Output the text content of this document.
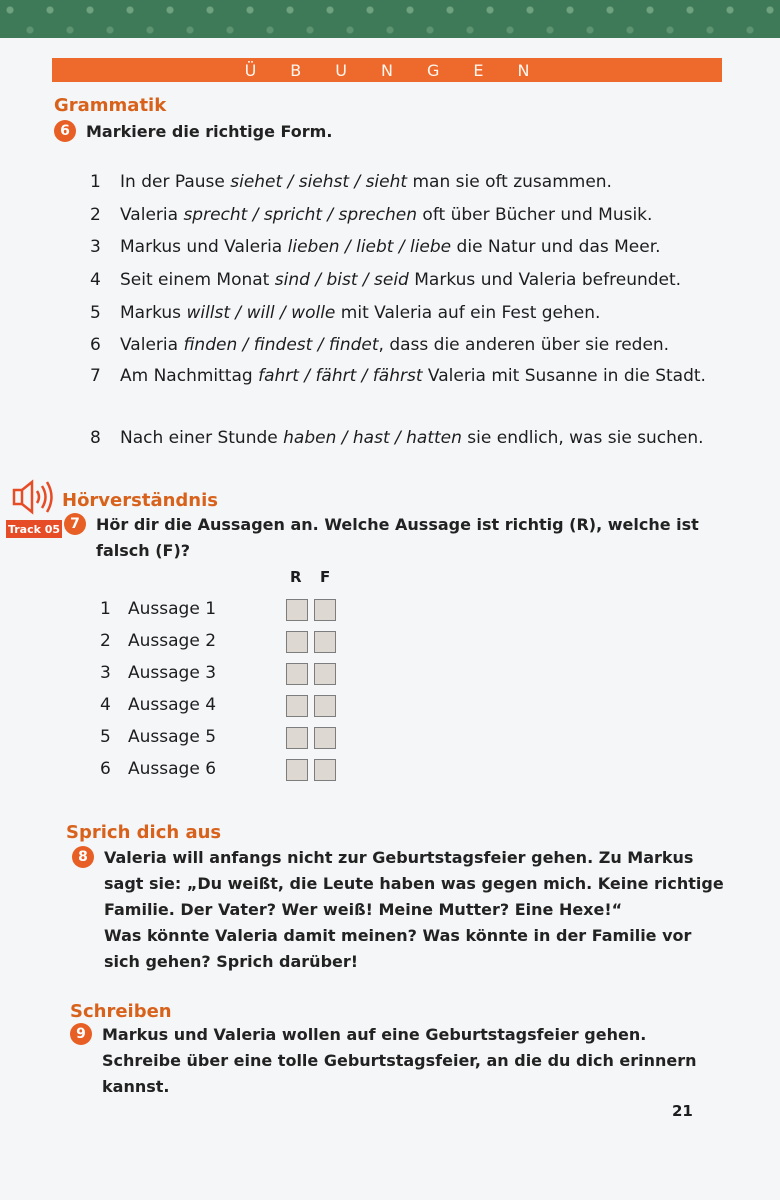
ÜBUNGEN
Grammatik
6	Markiere die richtige Form.
1	In der Pause siehet / siehst / sieht man sie oft zusammen.
2	Valeria sprecht / spricht / sprechen oft über Bücher und Musik.
3	Markus und Valeria lieben / liebt / liebe die Natur und das Meer.
4	Seit einem Monat sind / bist / seid Markus und Valeria befreundet.
5	Markus willst / will / wolle mit Valeria auf ein Fest gehen.
6	Valeria finden / findest / findet, dass die anderen über sie reden.
7	Am Nachmittag fahrt / fährt / fährst Valeria mit Susanne in die Stadt.
8	Nach einer Stunde haben / hast / hatten sie endlich, was sie suchen.
Hörverständnis
Track 05 7	Hör dir die Aussagen an. Welche Aussage ist richtig (R), welche ist falsch (F)?
R F
1	Aussage 1
2	Aussage 2
3	Aussage 3
4	Aussage 4
5	Aussage 5
6	Aussage 6
Sprich dich aus
8	Valeria will anfangs nicht zur Geburtstagsfeier gehen. Zu Markus sagt sie: „Du weißt, die Leute haben was gegen mich. Keine richtige Familie. Der Vater? Wer weiß! Meine Mutter? Eine Hexe!“
Was könnte Valeria damit meinen? Was könnte in der Familie vor sich gehen? Sprich darüber!
Schreiben
9	Markus und Valeria wollen auf eine Geburtstagsfeier gehen. Schreibe über eine tolle Geburtstagsfeier, an die du dich erinnern kannst.
21
